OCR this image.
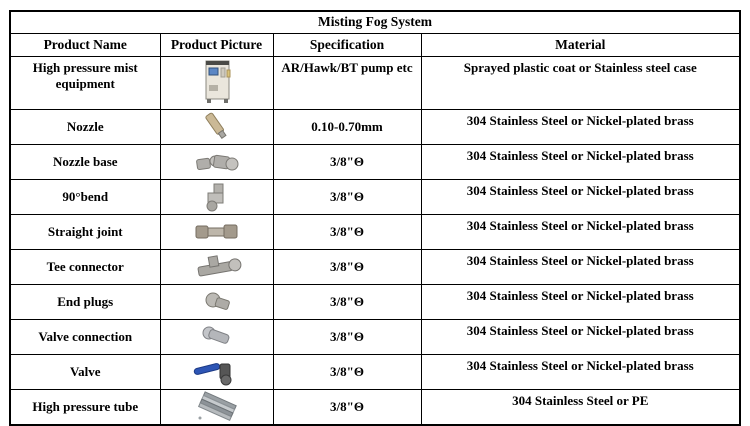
Misting Fog System			
Product Name	Product Picture	Specification	Material
High pressure mist equipment		AR/Hawk/BT pump etc	Sprayed plastic coat or Stainless steel case
Nozzle		0.10-0.70mm	304 Stainless Steel or Nickel-plated brass
Nozzle base		3/8"Θ	304 Stainless Steel or Nickel-plated brass
90°bend		3/8"Θ	304 Stainless Steel or Nickel-plated brass
Straight joint		3/8"Θ	304 Stainless Steel or Nickel-plated brass
Tee connector		3/8"Θ	304 Stainless Steel or Nickel-plated brass
End plugs		3/8"Θ	304 Stainless Steel or Nickel-plated brass
Valve connection		3/8"Θ	304 Stainless Steel or Nickel-plated brass
Valve		3/8"Θ	304 Stainless Steel or Nickel-plated brass
High pressure tube		3/8"Θ	304 Stainless Steel or PE
